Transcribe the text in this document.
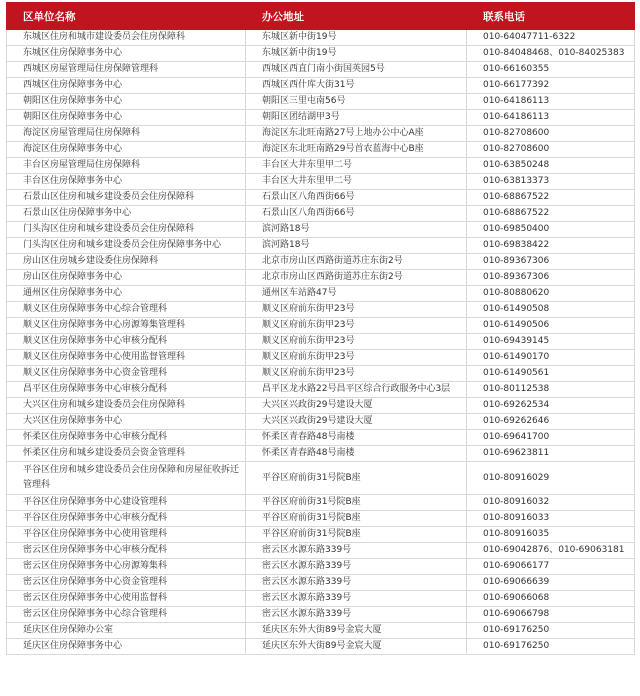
区单位名称	办公地址	联系电话
东城区住房和城市建设委员会住房保障科	东城区新中街19号	010-64047711-6322
东城区住房保障事务中心	东城区新中街19号	010-84048468、010-84025383
西城区房屋管理局住房保障管理科	西城区西直门南小街国英园5号	010-66160355
西城区住房保障事务中心	西城区西什库大街31号	010-66177392
朝阳区住房保障事务中心	朝阳区三里屯南56号	010-64186113
朝阳区住房保障事务中心	朝阳区团结湖甲3号	010-64186113
海淀区房屋管理局住房保障科	海淀区东北旺南路27号上地办公中心A座	010-82708600
海淀区住房保障事务中心	海淀区东北旺南路29号首农蓝海中心B座	010-82708600
丰台区房屋管理局住房保障科	丰台区大井东里甲二号	010-63850248
丰台区住房保障事务中心	丰台区大井东里甲二号	010-63813373
石景山区住房和城乡建设委员会住房保障科	石景山区八角西街66号	010-68867522
石景山区住房保障事务中心	石景山区八角西街66号	010-68867522
门头沟区住房和城乡建设委员会住房保障科	滨河路18号	010-69850400
门头沟区住房和城乡建设委员会住房保障事务中心	滨河路18号	010-69838422
房山区住房城乡建设委住房保障科	北京市房山区西路街道苏庄东街2号	010-89367306
房山区住房保障事务中心	北京市房山区西路街道苏庄东街2号	010-89367306
通州区住房保障事务中心	通州区车站路47号	010-80880620
顺义区住房保障事务中心综合管理科	顺义区府前东街甲23号	010-61490508
顺义区住房保障事务中心房源筹集管理科	顺义区府前东街甲23号	010-61490506
顺义区住房保障事务中心审核分配科	顺义区府前东街甲23号	010-69439145
顺义区住房保障事务中心使用监督管理科	顺义区府前东街甲23号	010-61490170
顺义区住房保障事务中心资金管理科	顺义区府前东街甲23号	010-61490561
昌平区住房保障事务中心审核分配科	昌平区龙水路22号昌平区综合行政服务中心3层	010-80112538
大兴区住房和城乡建设委员会住房保障科	大兴区兴政街29号建设大厦	010-69262534
大兴区住房保障事务中心	大兴区兴政街29号建设大厦	010-69262646
怀柔区住房保障事务中心审核分配科	怀柔区青春路48号南楼	010-69641700
怀柔区住房和城乡建设委员会资金管理科	怀柔区青春路48号南楼	010-69623811
平谷区住房和城乡建设委员会住房保障和房屋征收拆迁管理科	平谷区府前街31号院B座	010-80916029
平谷区住房保障事务中心建设管理科	平谷区府前街31号院B座	010-80916032
平谷区住房保障事务中心审核分配科	平谷区府前街31号院B座	010-80916033
平谷区住房保障事务中心使用管理科	平谷区府前街31号院B座	010-80916035
密云区住房保障事务中心审核分配科	密云区水源东路339号	010-69042876、010-69063181
密云区住房保障事务中心房源筹集科	密云区水源东路339号	010-69066177
密云区住房保障事务中心资金管理科	密云区水源东路339号	010-69066639
密云区住房保障事务中心使用监督科	密云区水源东路339号	010-69066068
密云区住房保障事务中心综合管理科	密云区水源东路339号	010-69066798
延庆区住房保障办公室	延庆区东外大街89号金宸大厦	010-69176250
延庆区住房保障事务中心	延庆区东外大街89号金宸大厦	010-69176250
